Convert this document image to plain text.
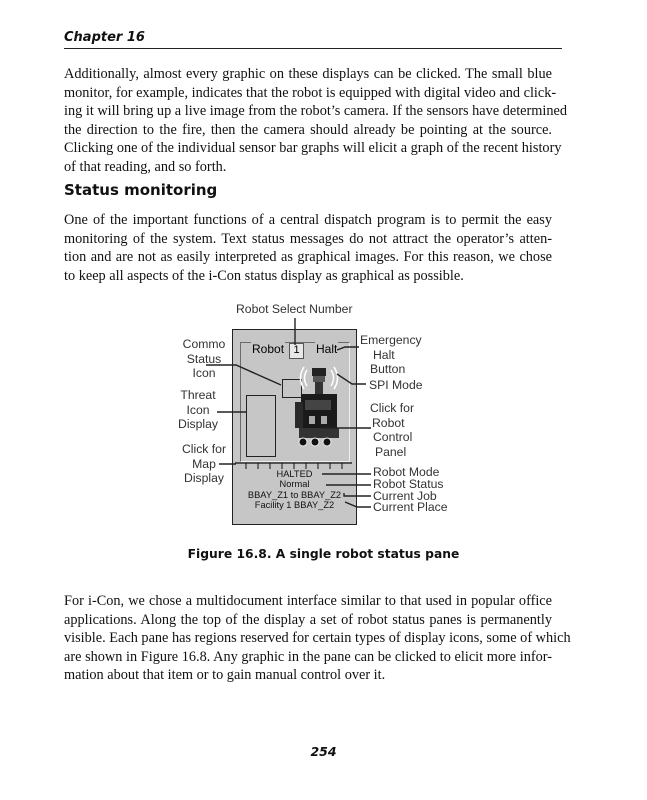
Chapter 16
Additionally, almost every graphic on these displays can be clicked. The small blue
monitor, for example, indicates that the robot is equipped with digital video and click-
ing it will bring up a live image from the robot’s camera. If the sensors have determined
the direction to the fire, then the camera should already be pointing at the source.
Clicking one of the individual sensor bar graphs will elicit a graph of the recent history
of that reading, and so forth.
Status monitoring
One of the important functions of a central dispatch program is to permit the easy
monitoring of the system. Text status messages do not attract the operator’s atten-
tion and are not as easily interpreted as graphical images. For this reason, we chose
to keep all aspects of the i-Con status display as graphical as possible.
Robot Select Number
Commo
Status
Icon
Threat
Icon
Display
Click for
Map
Display
Emergency
Halt
Button
SPI Mode
Click for
Robot
Control
Panel
Robot Mode
Robot Status
Current Job
Current Place
Robot 1	Halt
HALTED
Normal
BBAY_Z1 to BBAY_Z2
Facility 1 BBAY_Z2
Figure 16.8. A single robot status pane
For i-Con, we chose a multidocument interface similar to that used in popular office
applications. Along the top of the display a set of robot status panes is permanently
visible. Each pane has regions reserved for certain types of display icons, some of which
are shown in Figure 16.8. Any graphic in the pane can be clicked to elicit more infor-
mation about that item or to gain manual control over it.
254
